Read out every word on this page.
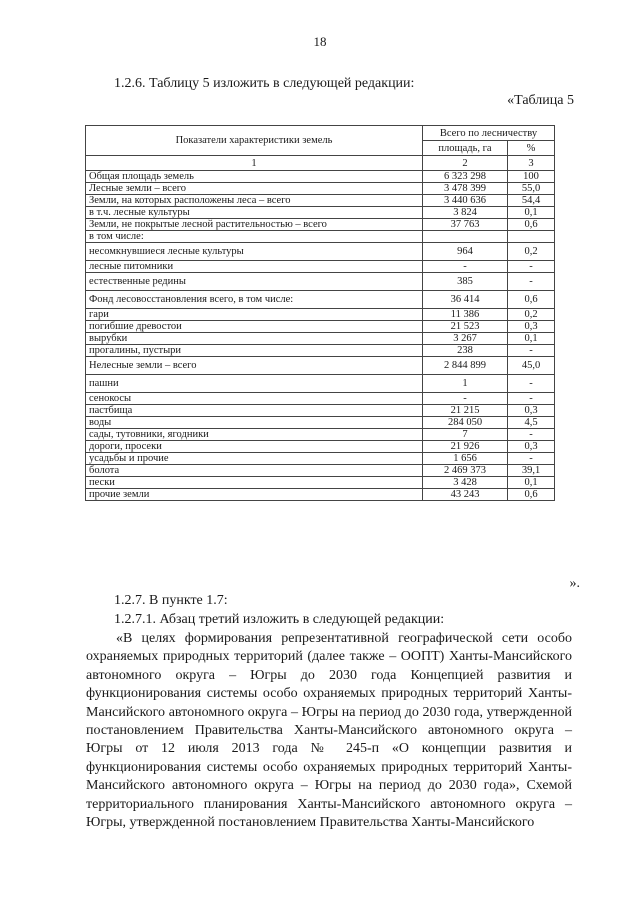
18
1.2.6. Таблицу 5 изложить в следующей редакции:
«Таблица 5
Показатели характеристики земель	Всего по лесничеству	
	площадь, га	%
1	2	3
Общая площадь земель	6 323 298	100
Лесные земли – всего	3 478 399	55,0
Земли, на которых расположены леса – всего	3 440 636	54,4
в т.ч. лесные культуры	3 824	0,1
Земли, не покрытые лесной растительностью – всего	37 763	0,6
в том числе:		
несомкнувшиеся лесные культуры	964	0,2
лесные питомники	-	-
естественные редины	385	-
Фонд лесовосстановления всего, в том числе:	36 414	0,6
гари	11 386	0,2
погибшие древостои	21 523	0,3
вырубки	3 267	0,1
прогалины, пустыри	238	-
Нелесные земли – всего	2 844 899	45,0
пашни	1	-
сенокосы	-	-
пастбища	21 215	0,3
воды	284 050	4,5
сады, тутовники, ягодники	7	-
дороги, просеки	21 926	0,3
усадьбы и прочие	1 656	-
болота	2 469 373	39,1
пески	3 428	0,1
прочие земли	43 243	0,6
».
1.2.7. В пункте 1.7:
1.2.7.1. Абзац третий изложить в следующей редакции:
«В целях формирования репрезентативной географической сети особо охраняемых природных территорий (далее также – ООПТ) Ханты-Мансийского автономного округа – Югры до 2030 года Концепцией развития и функционирования системы особо охраняемых природных территорий Ханты-Мансийского автономного округа – Югры на период до 2030 года, утвержденной постановлением Правительства Ханты-Мансийского автономного округа – Югры от 12 июля 2013 года № 245-п «О концепции развития и функционирования системы особо охраняемых природных территорий Ханты-Мансийского автономного округа – Югры на период до 2030 года», Схемой территориального планирования Ханты-Мансийского автономного округа – Югры, утвержденной постановлением Правительства Ханты-Мансийского
